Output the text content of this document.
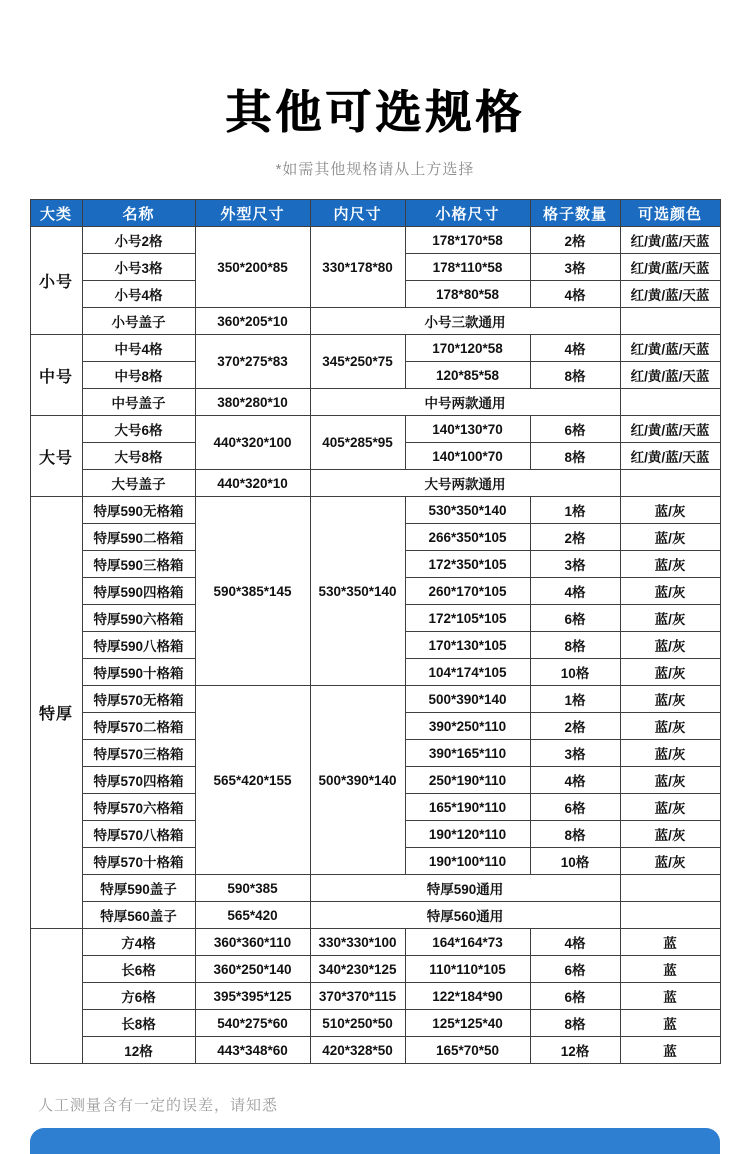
其他可选规格
*如需其他规格请从上方选择
大类	名称	外型尺寸	内尺寸	小格尺寸	格子数量	可选颜色
小号	小号2格	350*200*85	330*178*80	178*170*58	2格	红/黄/蓝/天蓝
	小号3格			178*110*58	3格	红/黄/蓝/天蓝
	小号4格			178*80*58	4格	红/黄/蓝/天蓝
	小号盖子	360*205*10	小号三款通用			
中号	中号4格	370*275*83	345*250*75	170*120*58	4格	红/黄/蓝/天蓝
	中号8格			120*85*58	8格	红/黄/蓝/天蓝
	中号盖子	380*280*10	中号两款通用			
大号	大号6格	440*320*100	405*285*95	140*130*70	6格	红/黄/蓝/天蓝
	大号8格			140*100*70	8格	红/黄/蓝/天蓝
	大号盖子	440*320*10	大号两款通用			
特厚	特厚590无格箱	590*385*145	530*350*140	530*350*140	1格	蓝/灰
	特厚590二格箱			266*350*105	2格	蓝/灰
	特厚590三格箱			172*350*105	3格	蓝/灰
	特厚590四格箱			260*170*105	4格	蓝/灰
	特厚590六格箱			172*105*105	6格	蓝/灰
	特厚590八格箱			170*130*105	8格	蓝/灰
	特厚590十格箱			104*174*105	10格	蓝/灰
	特厚570无格箱	565*420*155	500*390*140	500*390*140	1格	蓝/灰
	特厚570二格箱			390*250*110	2格	蓝/灰
	特厚570三格箱			390*165*110	3格	蓝/灰
	特厚570四格箱			250*190*110	4格	蓝/灰
	特厚570六格箱			165*190*110	6格	蓝/灰
	特厚570八格箱			190*120*110	8格	蓝/灰
	特厚570十格箱			190*100*110	10格	蓝/灰
	特厚590盖子	590*385	特厚590通用			
	特厚560盖子	565*420	特厚560通用			
	方4格	360*360*110	330*330*100	164*164*73	4格	蓝
	长6格	360*250*140	340*230*125	110*110*105	6格	蓝
	方6格	395*395*125	370*370*115	122*184*90	6格	蓝
	长8格	540*275*60	510*250*50	125*125*40	8格	蓝
	12格	443*348*60	420*328*50	165*70*50	12格	蓝
人工测量含有一定的误差，请知悉
